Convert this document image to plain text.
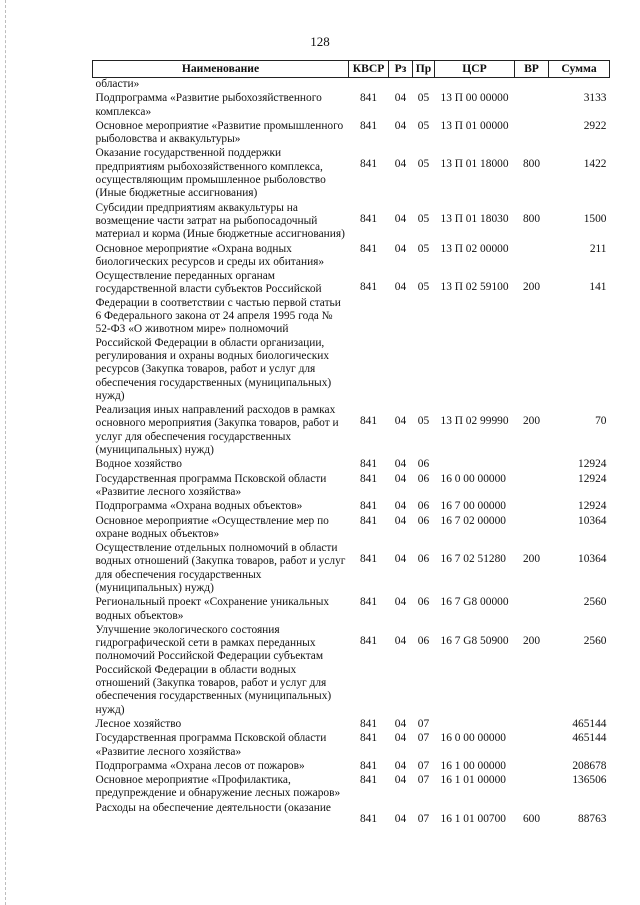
128
Наименование	КВСР	Рз	Пр	ЦСР	ВР	Сумма
области»						
Подпрограмма «Развитие рыбохозяйственного комплекса»	841	04	05	13 П 00 00000		3133
Основное мероприятие «Развитие промышленного рыболовства и аквакультуры»	841	04	05	13 П 01 00000		2922
Оказание государственной поддержки предприятиям рыбохозяйственного комплекса, осуществляющим промышленное рыболовство (Иные бюджетные ассигнования)	841	04	05	13 П 01 18000	800	1422
Субсидии предприятиям аквакультуры на возмещение части затрат на рыбопосадочный материал и корма (Иные бюджетные ассигнования)	841	04	05	13 П 01 18030	800	1500
Основное мероприятие «Охрана водных биологических ресурсов и среды их обитания»	841	04	05	13 П 02 00000		211
Осуществление переданных органам государственной власти субъектов Российской Федерации в соответствии с частью первой статьи 6 Федерального закона от 24 апреля 1995 года № 52-ФЗ «О животном мире» полномочий Российской Федерации в области организации, регулирования и охраны водных биологических ресурсов (Закупка товаров, работ и услуг для обеспечения государственных (муниципальных) нужд)	841	04	05	13 П 02 59100	200	141
Реализация иных направлений расходов в рамках основного мероприятия (Закупка товаров, работ и услуг для обеспечения государственных (муниципальных) нужд)	841	04	05	13 П 02 99990	200	70
Водное хозяйство	841	04	06			12924
Государственная программа Псковской области «Развитие лесного хозяйства»	841	04	06	16 0 00 00000		12924
Подпрограмма «Охрана водных объектов»	841	04	06	16 7 00 00000		12924
Основное мероприятие «Осуществление мер по охране водных объектов»	841	04	06	16 7 02 00000		10364
Осуществление отдельных полномочий в области водных отношений (Закупка товаров, работ и услуг для обеспечения государственных (муниципальных) нужд)	841	04	06	16 7 02 51280	200	10364
Региональный проект «Сохранение уникальных водных объектов»	841	04	06	16 7 G8 00000		2560
Улучшение экологического состояния гидрографической сети в рамках переданных полномочий Российской Федерации субъектам Российской Федерации в области водных отношений (Закупка товаров, работ и услуг для обеспечения государственных (муниципальных) нужд)	841	04	06	16 7 G8 50900	200	2560
Лесное хозяйство	841	04	07			465144
Государственная программа Псковской области «Развитие лесного хозяйства»	841	04	07	16 0 00 00000		465144
Подпрограмма «Охрана лесов от пожаров»	841	04	07	16 1 00 00000		208678
Основное мероприятие «Профилактика, предупреждение и обнаружение лесных пожаров»	841	04	07	16 1 01 00000		136506
Расходы на обеспечение деятельности (оказание	841	04	07	16 1 01 00700	600	88763
